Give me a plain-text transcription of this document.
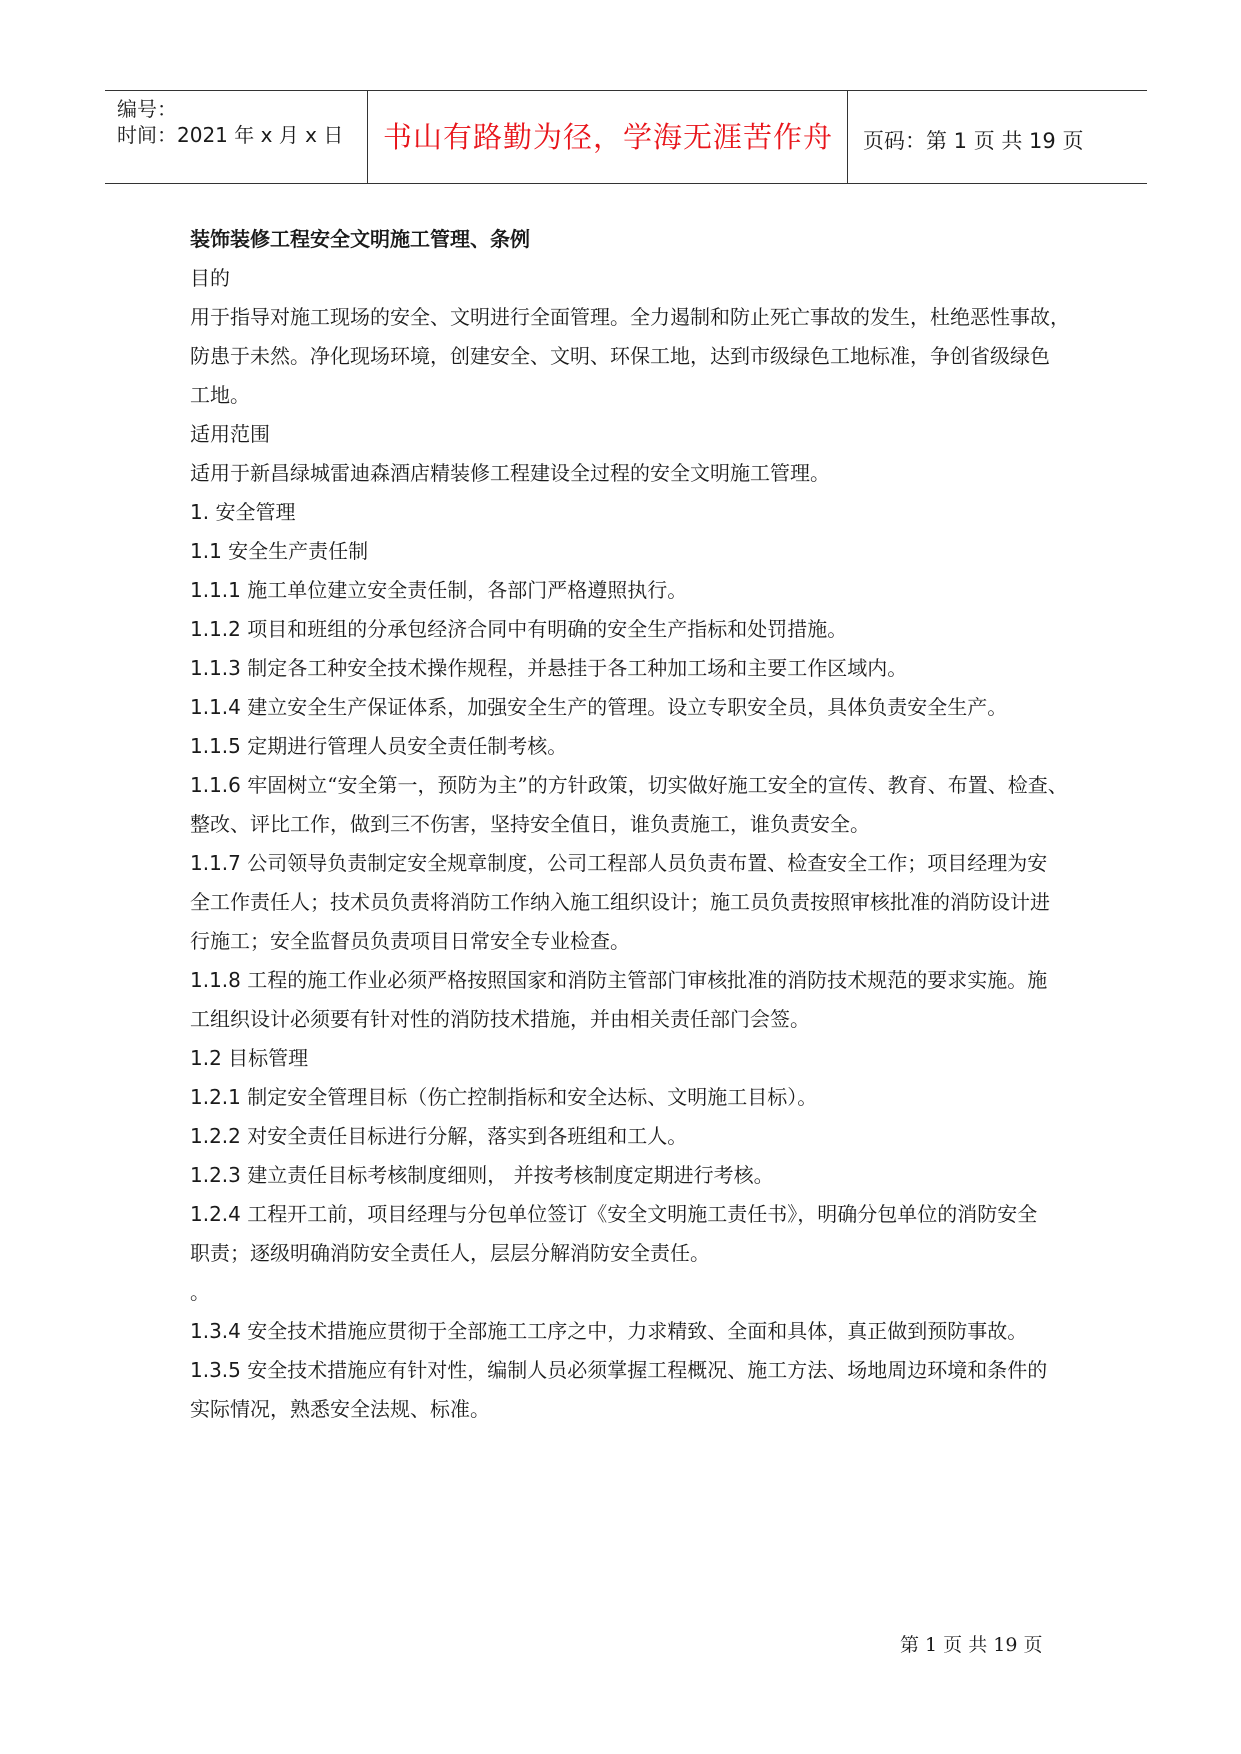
编号：
时间：2021 年 x 月 x 日	书山有路勤为径，学海无涯苦作舟	页码：第 1 页 共 19 页

装饰装修工程安全文明施工管理、条例

目的

用于指导对施工现场的安全、文明进行全面管理。全力遏制和防止死亡事故的发生，杜绝恶性事故，

防患于未然。净化现场环境，创建安全、文明、环保工地，达到市级绿色工地标准，争创省级绿色

工地。

适用范围

适用于新昌绿城雷迪森酒店精装修工程建设全过程的安全文明施工管理。

1. 安全管理

1.1 安全生产责任制

1.1.1 施工单位建立安全责任制，各部门严格遵照执行。

1.1.2 项目和班组的分承包经济合同中有明确的安全生产指标和处罚措施。

1.1.3 制定各工种安全技术操作规程，并悬挂于各工种加工场和主要工作区域内。

1.1.4 建立安全生产保证体系，加强安全生产的管理。设立专职安全员，具体负责安全生产。

1.1.5 定期进行管理人员安全责任制考核。

1.1.6 牢固树立“安全第一，预防为主”的方针政策，切实做好施工安全的宣传、教育、布置、检查、

整改、评比工作，做到三不伤害，坚持安全值日，谁负责施工，谁负责安全。

1.1.7 公司领导负责制定安全规章制度，公司工程部人员负责布置、检查安全工作；项目经理为安

全工作责任人；技术员负责将消防工作纳入施工组织设计；施工员负责按照审核批准的消防设计进

行施工；安全监督员负责项目日常安全专业检查。

1.1.8 工程的施工作业必须严格按照国家和消防主管部门审核批准的消防技术规范的要求实施。施

工组织设计必须要有针对性的消防技术措施，并由相关责任部门会签。

1.2 目标管理

1.2.1 制定安全管理目标（伤亡控制指标和安全达标、文明施工目标）。

1.2.2 对安全责任目标进行分解，落实到各班组和工人。

1.2.3 建立责任目标考核制度细则， 并按考核制度定期进行考核。

1.2.4 工程开工前，项目经理与分包单位签订《安全文明施工责任书》，明确分包单位的消防安全

职责；逐级明确消防安全责任人，层层分解消防安全责任。

。

1.3.4 安全技术措施应贯彻于全部施工工序之中，力求精致、全面和具体，真正做到预防事故。

1.3.5 安全技术措施应有针对性，编制人员必须掌握工程概况、施工方法、场地周边环境和条件的

实际情况，熟悉安全法规、标准。

第 1 页 共 19 页
